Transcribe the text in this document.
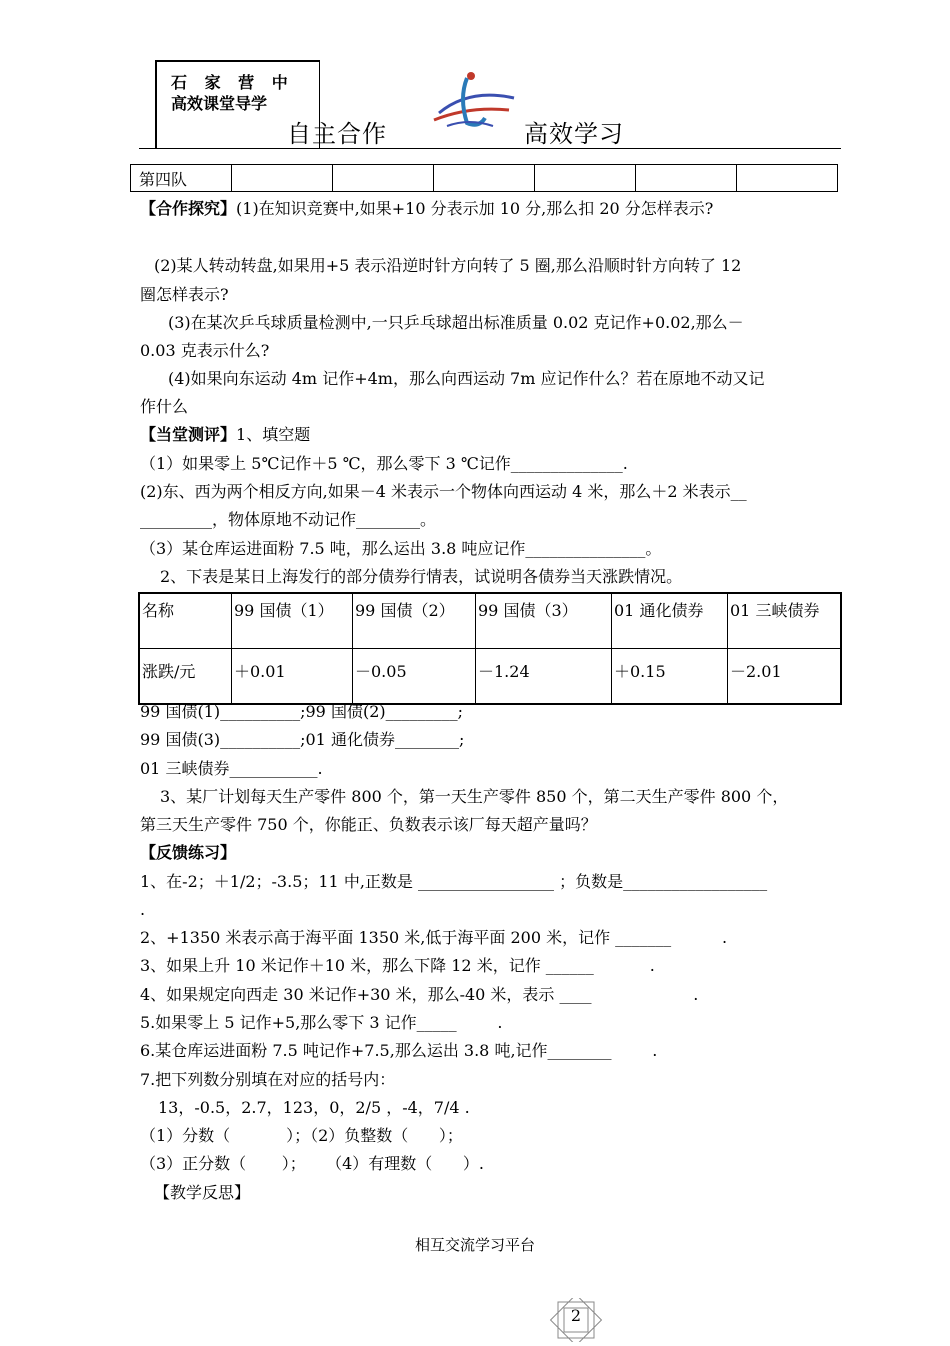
石 家 营 中
高效课堂导学
自主合作	高效学习
第四队						
【合作探究】(1)在知识竞赛中,如果+10 分表示加 10 分,那么扣 20 分怎样表示?
(2)某人转动转盘,如果用+5 表示沿逆时针方向转了 5 圈,那么沿顺时针方向转了 12
圈怎样表示?
(3)在某次乒乓球质量检测中,一只乒乓球超出标准质量 0.02 克记作+0.02,那么－
0.03 克表示什么?
(4)如果向东运动 4m 记作+4m，那么向西运动 7m 应记作什么？若在原地不动又记
作什么
【当堂测评】1、填空题
（1）如果零上 5℃记作＋5 ℃，那么零下 3 ℃记作______________.
(2)东、西为两个相反方向,如果－4 米表示一个物体向西运动 4 米，那么＋2 米表示__
_________，物体原地不动记作________。
（3）某仓库运进面粉 7.5 吨，那么运出 3.8 吨应记作_______________。
2、下表是某日上海发行的部分债券行情表，试说明各债券当天涨跌情况。
名称	99 国债（1）	99 国债（2）	99 国债（3）	01 通化债券	01 三峡债券
涨跌/元	＋0.01	－0.05	－1.24	＋0.15	－2.01
99 国债(1)__________;99 国债(2)_________;
99 国债(3)__________;01 通化债券________;
01 三峡债券___________.
3、某厂计划每天生产零件 800 个，第一天生产零件 850 个，第二天生产零件 800 个，
第三天生产零件 750 个，你能正、负数表示该厂每天超产量吗？
【反馈练习】
1、在-2；＋1/2；-3.5；11 中,正数是 _________________ ；负数是__________________
.
2、+1350 米表示高于海平面 1350 米,低于海平面 200 米，记作 _______          .
3、如果上升 10 米记作＋10 米，那么下降 12 米，记作 ______           .
4、如果规定向西走 30 米记作+30 米，那么-40 米，表示 ____                    .
5.如果零上 5 记作+5,那么零下 3 记作_____        .
6.某仓库运进面粉 7.5 吨记作+7.5,那么运出 3.8 吨,记作________        .
7.把下列数分别填在对应的括号内：
13，-0.5，2.7，123，0，2/5 ，-4，7/4 .
（1）分数（           ）；（2）负整数（      ）；
（3）正分数（       ）；    （4）有理数（      ）.
【教学反思】
相互交流学习平台
2
